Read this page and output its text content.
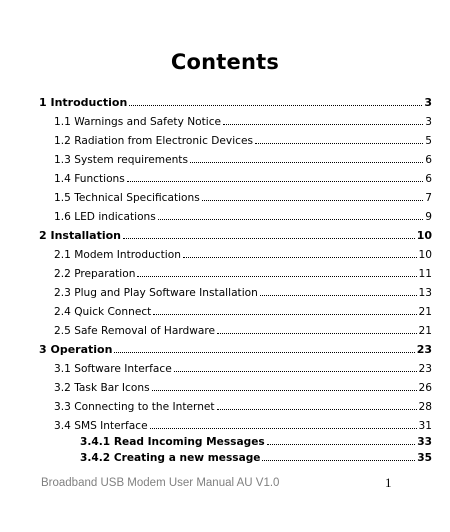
Contents
1 Introduction	3
1.1 Warnings and Safety Notice	3
1.2 Radiation from Electronic Devices	5
1.3 System requirements	6
1.4 Functions	6
1.5 Technical Specifications	7
1.6 LED indications	9
2 Installation	10
2.1 Modem Introduction	10
2.2 Preparation	11
2.3 Plug and Play Software Installation	13
2.4 Quick Connect	21
2.5 Safe Removal of Hardware	21
3 Operation	23
3.1 Software Interface	23
3.2 Task Bar Icons	26
3.3 Connecting to the Internet	28
3.4 SMS Interface	31
3.4.1 Read Incoming Messages	33
3.4.2 Creating a new message	35
Broadband USB Modem User Manual AU V1.0	1
